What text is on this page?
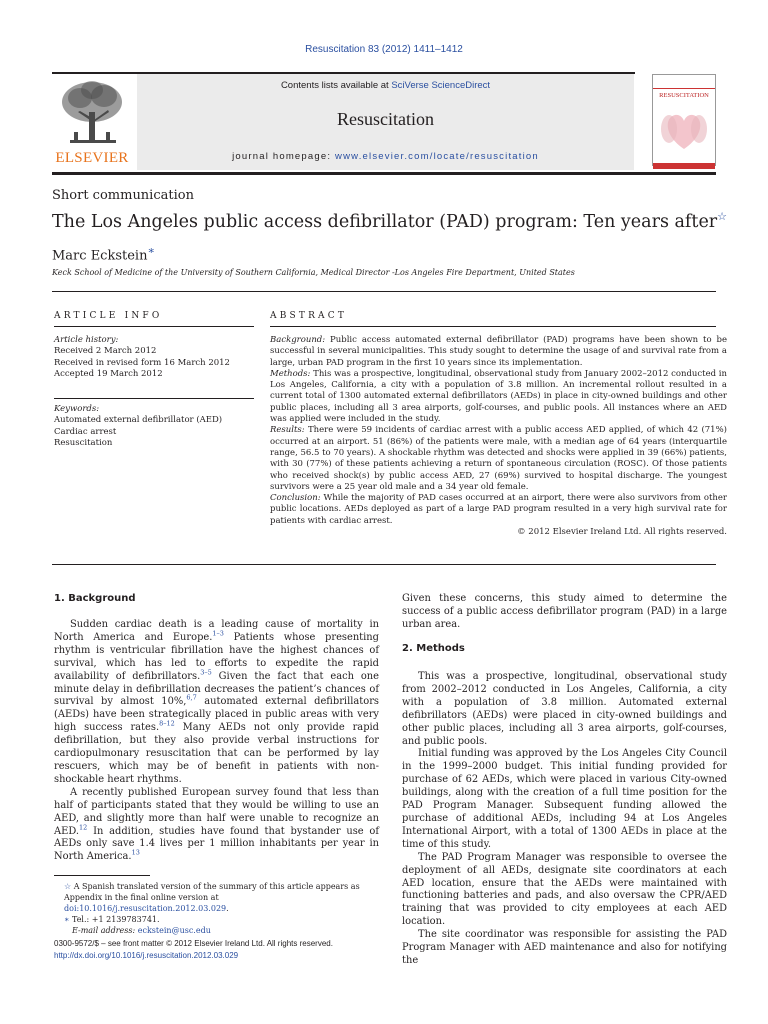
Resuscitation 83 (2012) 1411–1412
ELSEVIER
Contents lists available at SciVerse ScienceDirect
Resuscitation
journal homepage: www.elsevier.com/locate/resuscitation
RESUSCITATION
Short communication
The Los Angeles public access defibrillator (PAD) program: Ten years after☆
Marc Eckstein∗
Keck School of Medicine of the University of Southern California, Medical Director -Los Angeles Fire Department, United States
ARTICLE INFO	ABSTRACT
Article history:
Received 2 March 2012
Received in revised form 16 March 2012
Accepted 19 March 2012
Keywords:
Automated external defibrillator (AED)
Cardiac arrest
Resuscitation

Background: Public access automated external defibrillator (PAD) programs have been shown to be successful in several municipalities. This study sought to determine the usage of and survival rate from a large, urban PAD program in the first 10 years since its implementation.

Methods: This was a prospective, longitudinal, observational study from January 2002–2012 conducted in Los Angeles, California, a city with a population of 3.8 million. An incremental rollout resulted in a current total of 1300 automated external defibrillators (AEDs) in place in city-owned buildings and other public places, including all 3 area airports, golf-courses, and public pools. All instances where an AED was applied were included in the study.

Results: There were 59 incidents of cardiac arrest with a public access AED applied, of which 42 (71%) occurred at an airport. 51 (86%) of the patients were male, with a median age of 64 years (interquartile range, 56.5 to 70 years). A shockable rhythm was detected and shocks were applied in 39 (66%) patients, with 30 (77%) of these patients achieving a return of spontaneous circulation (ROSC). Of those patients who received shock(s) by public access AED, 27 (69%) survived to hospital discharge. The youngest survivors were a 25 year old male and a 34 year old female.

Conclusion: While the majority of PAD cases occurred at an airport, there were also survivors from other public locations. AEDs deployed as part of a large PAD program resulted in a very high survival rate for patients with cardiac arrest.

© 2012 Elsevier Ireland Ltd. All rights reserved.

1. Background

Sudden cardiac death is a leading cause of mortality in North America and Europe.$^{1-3}$ Patients whose presenting rhythm is ventricular fibrillation have the highest chances of survival, which has led to efforts to expedite the rapid availability of defibrillators.$^{3-5}$ Given the fact that each one minute delay in defibrillation decreases the patient’s chances of survival by almost 10%,$^{6,7}$ automated external defibrillators (AEDs) have been strategically placed in public areas with very high success rates.$^{8-12}$ Many AEDs not only provide rapid defibrillation, but they also provide verbal instructions for cardiopulmonary resuscitation that can be performed by lay rescuers, which may be of benefit in patients with non-shockable heart rhythms.

A recently published European survey found that less than half of participants stated that they would be willing to use an AED, and slightly more than half were unable to recognize an AED.$^{12}$ In addition, studies have found that bystander use of AEDs only save 1.4 lives per 1 million inhabitants per year in North America.$^{13}$

Given these concerns, this study aimed to determine the success of a public access defibrillator program (PAD) in a large urban area.

2. Methods

This was a prospective, longitudinal, observational study from 2002–2012 conducted in Los Angeles, California, a city with a population of 3.8 million. Automated external defibrillators (AEDs) were placed in city-owned buildings and other public places, including all 3 area airports, golf-courses, and public pools.

Initial funding was approved by the Los Angeles City Council in the 1999–2000 budget. This initial funding provided for purchase of 62 AEDs, which were placed in various City-owned buildings, along with the creation of a full time position for the PAD Program Manager. Subsequent funding allowed the purchase of additional AEDs, including 94 at Los Angeles International Airport, with a total of 1300 AEDs in place at the time of this study.

The PAD Program Manager was responsible to oversee the deployment of all AEDs, designate site coordinators at each AED location, ensure that the AEDs were maintained with functioning batteries and pads, and also oversaw the CPR/AED training that was provided to city employees at each AED location.

The site coordinator was responsible for assisting the PAD Program Manager with AED maintenance and also for notifying the

☆ A Spanish translated version of the summary of this article appears as Appendix in the final online version at doi:10.1016/j.resuscitation.2012.03.029.
∗ Tel.: +1 2139783741.
E-mail address: eckstein@usc.edu
0300-9572/$ – see front matter © 2012 Elsevier Ireland Ltd. All rights reserved.
http://dx.doi.org/10.1016/j.resuscitation.2012.03.029
